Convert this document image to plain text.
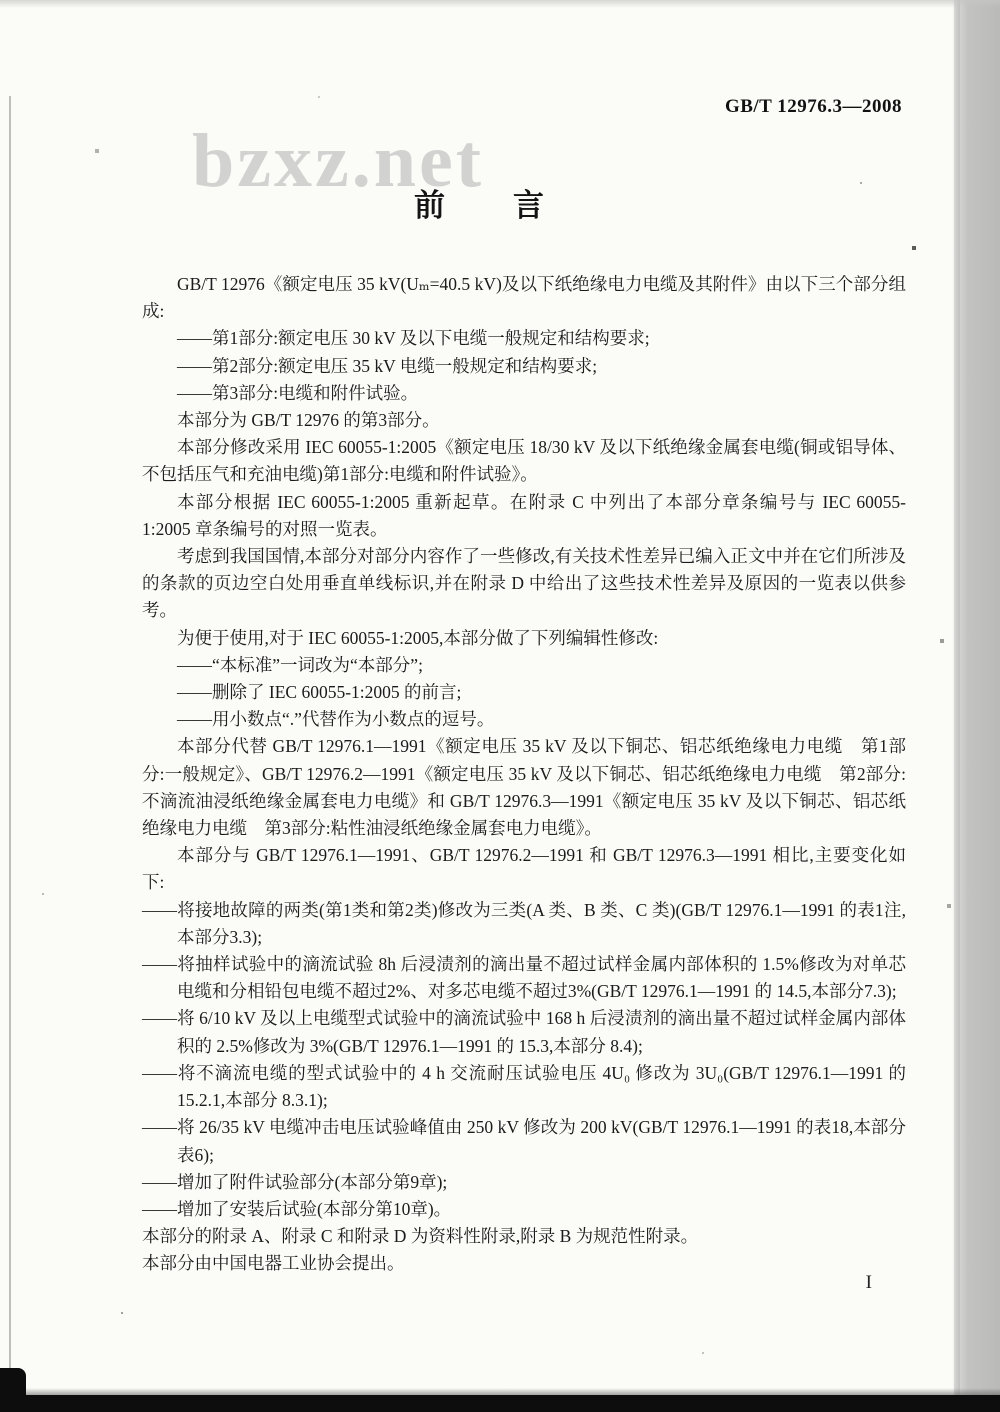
bzxz.net
GB/T 12976.3—2008
前　　言
GB/T 12976《额定电压 35 kV(Uₘ=40.5 kV)及以下纸绝缘电力电缆及其附件》由以下三个部分组成:
——第1部分:额定电压 30 kV 及以下电缆一般规定和结构要求;
——第2部分:额定电压 35 kV 电缆一般规定和结构要求;
——第3部分:电缆和附件试验。
本部分为 GB/T 12976 的第3部分。
本部分修改采用 IEC 60055-1:2005《额定电压 18/30 kV 及以下纸绝缘金属套电缆(铜或铝导体、不包括压气和充油电缆)第1部分:电缆和附件试验》。
本部分根据 IEC 60055-1:2005 重新起草。在附录 C 中列出了本部分章条编号与 IEC 60055-1:2005 章条编号的对照一览表。
考虑到我国国情,本部分对部分内容作了一些修改,有关技术性差异已编入正文中并在它们所涉及的条款的页边空白处用垂直单线标识,并在附录 D 中给出了这些技术性差异及原因的一览表以供参考。
为便于使用,对于 IEC 60055-1:2005,本部分做了下列编辑性修改:
——“本标准”一词改为“本部分”;
——删除了 IEC 60055-1:2005 的前言;
——用小数点“.”代替作为小数点的逗号。
本部分代替 GB/T 12976.1—1991《额定电压 35 kV 及以下铜芯、铝芯纸绝缘电力电缆　第1部分:一般规定》、GB/T 12976.2—1991《额定电压 35 kV 及以下铜芯、铝芯纸绝缘电力电缆　第2部分:不滴流油浸纸绝缘金属套电力电缆》和 GB/T 12976.3—1991《额定电压 35 kV 及以下铜芯、铝芯纸绝缘电力电缆　第3部分:粘性油浸纸绝缘金属套电力电缆》。
本部分与 GB/T 12976.1—1991、GB/T 12976.2—1991 和 GB/T 12976.3—1991 相比,主要变化如下:
——将接地故障的两类(第1类和第2类)修改为三类(A 类、B 类、C 类)(GB/T 12976.1—1991 的表1注,本部分3.3);
——将抽样试验中的滴流试验 8h 后浸渍剂的滴出量不超过试样金属内部体积的 1.5%修改为对单芯电缆和分相铅包电缆不超过2%、对多芯电缆不超过3%(GB/T 12976.1—1991 的 14.5,本部分7.3);
——将 6/10 kV 及以上电缆型式试验中的滴流试验中 168 h 后浸渍剂的滴出量不超过试样金属内部体积的 2.5%修改为 3%(GB/T 12976.1—1991 的 15.3,本部分 8.4);
——将不滴流电缆的型式试验中的 4 h 交流耐压试验电压 4U₀ 修改为 3U₀(GB/T 12976.1—1991 的 15.2.1,本部分 8.3.1);
——将 26/35 kV 电缆冲击电压试验峰值由 250 kV 修改为 200 kV(GB/T 12976.1—1991 的表18,本部分表6);
——增加了附件试验部分(本部分第9章);
——增加了安装后试验(本部分第10章)。
本部分的附录 A、附录 C 和附录 D 为资料性附录,附录 B 为规范性附录。
本部分由中国电器工业协会提出。
I
